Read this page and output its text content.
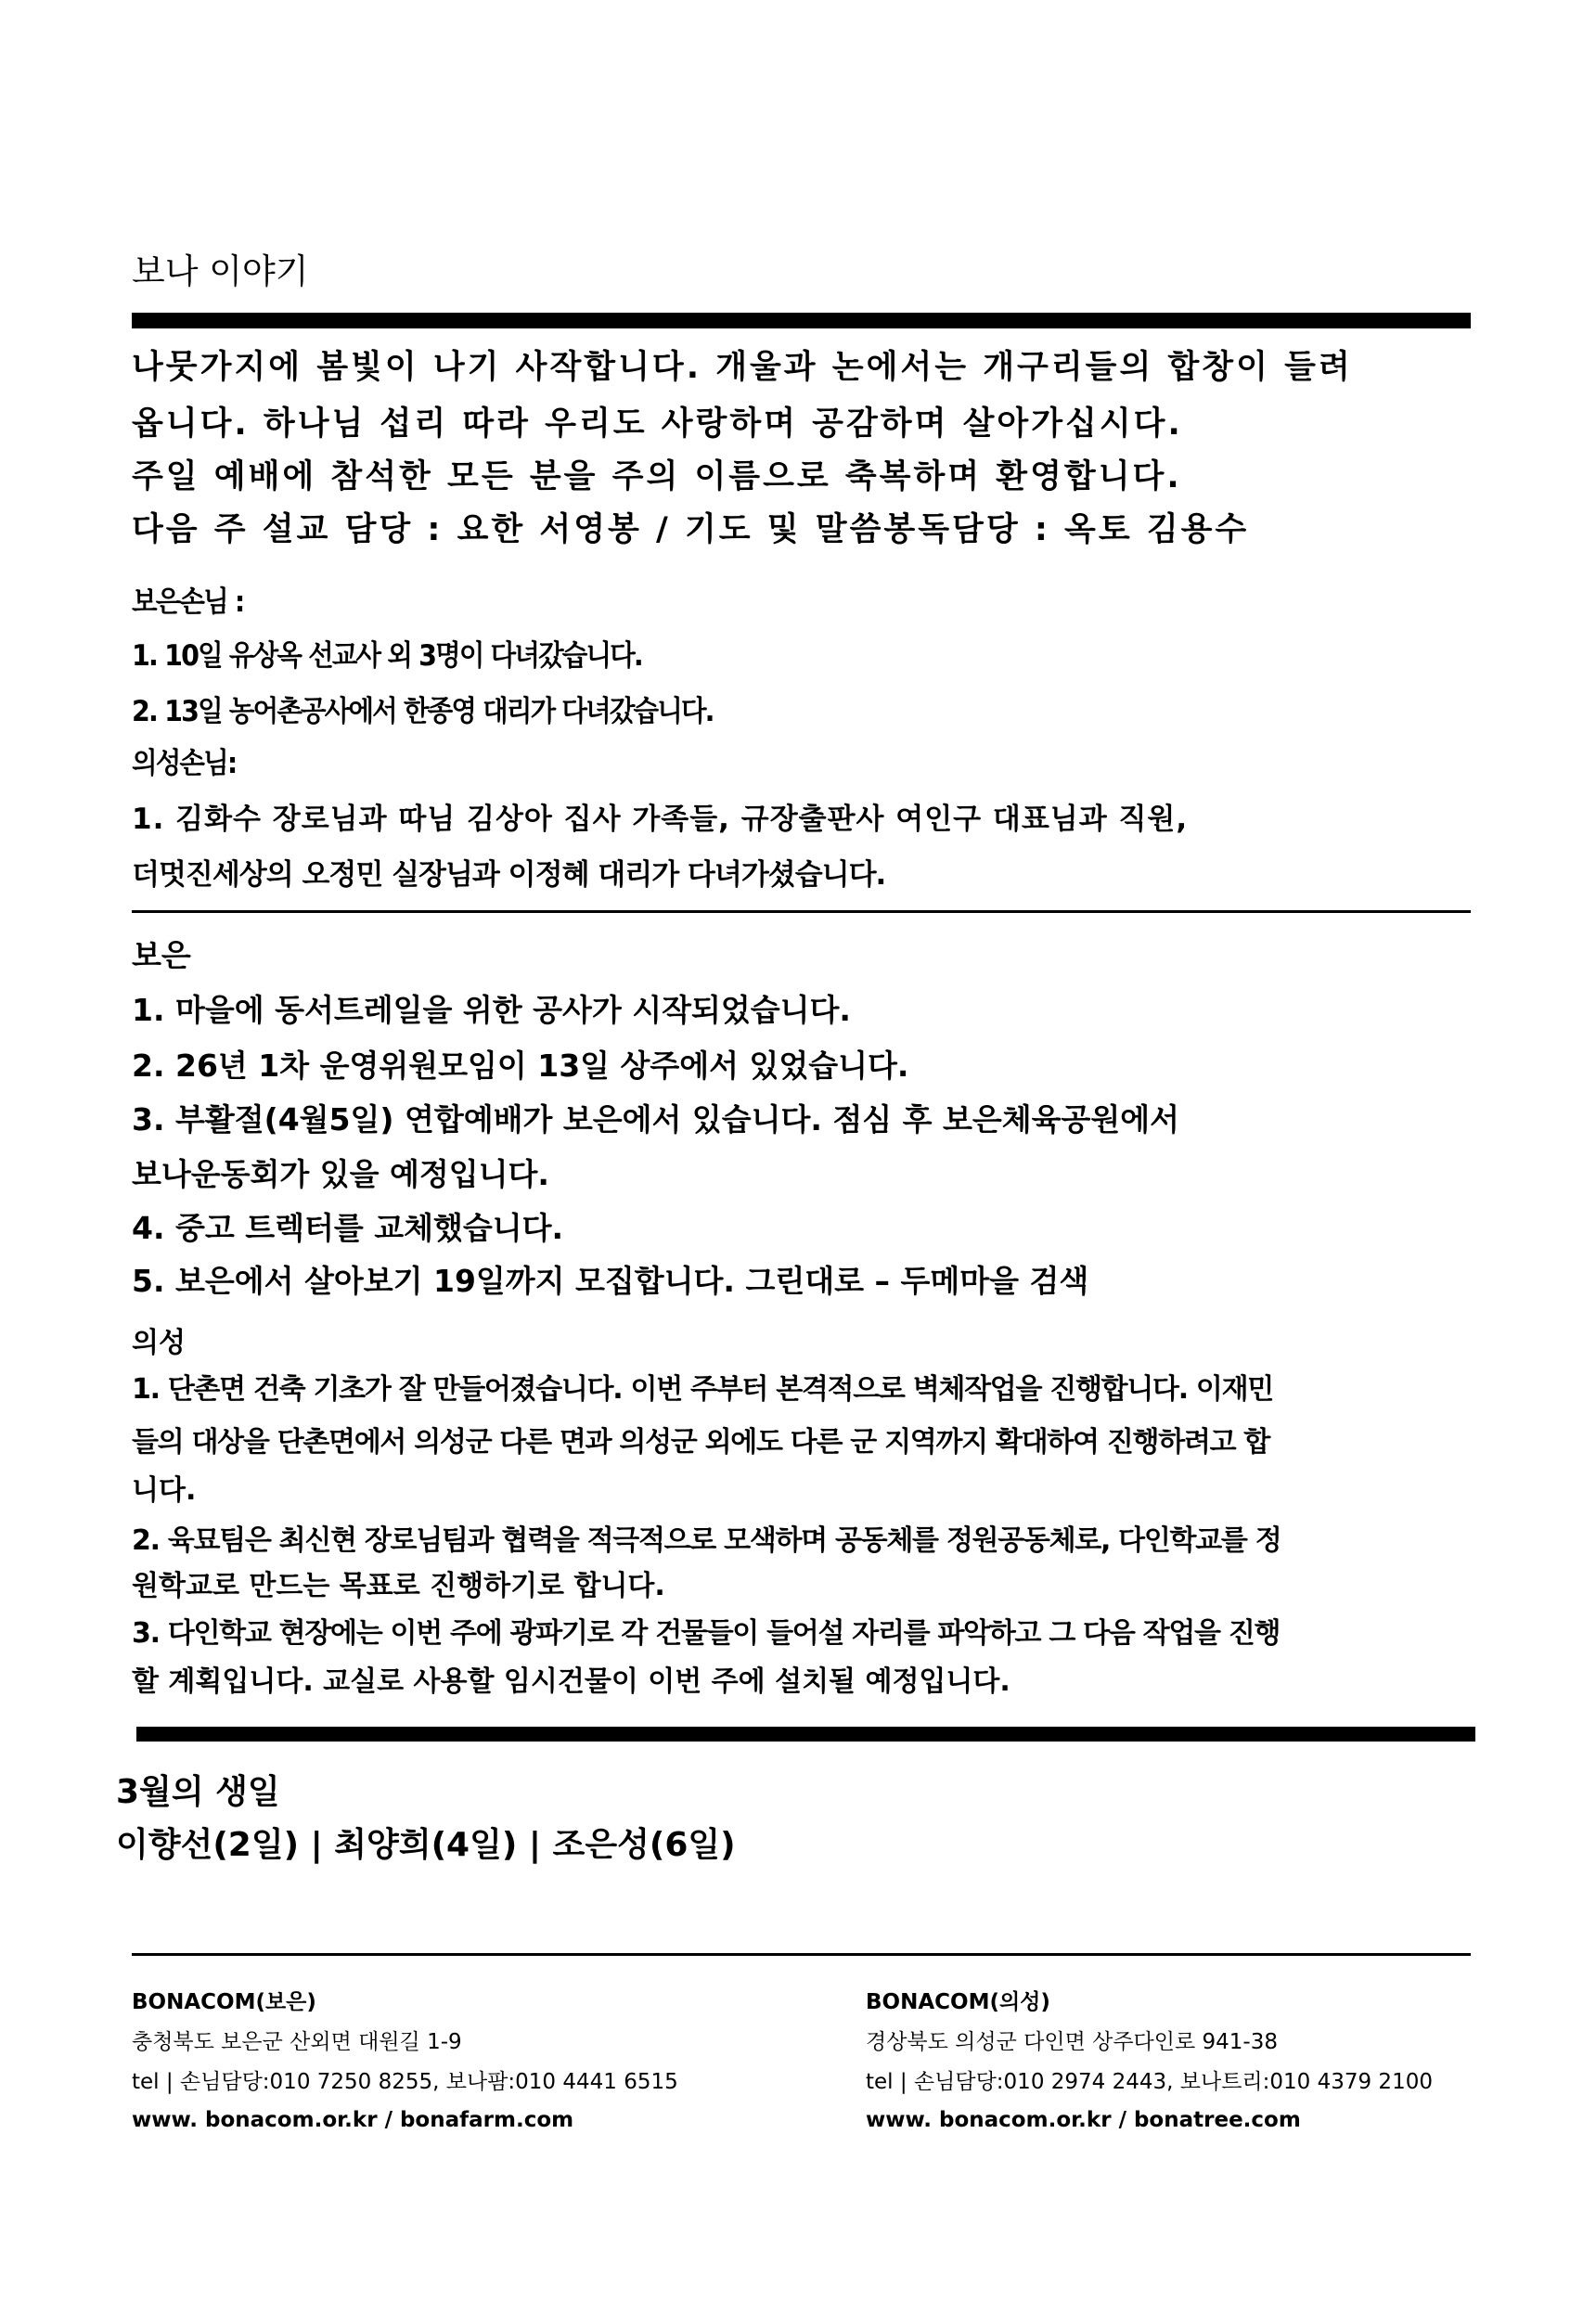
보나 이야기
나뭇가지에 봄빛이 나기 사작합니다. 개울과 논에서는 개구리들의 합창이 들려
옵니다. 하나님 섭리 따라 우리도 사랑하며 공감하며 살아가십시다.
주일 예배에 참석한 모든 분을 주의 이름으로 축복하며 환영합니다.
다음 주 설교 담당 : 요한 서영봉 / 기도 및 말씀봉독담당 : 옥토 김용수
보은손님 :
1. 10일 유상옥 선교사 외 3명이 다녀갔습니다.
2. 13일 농어촌공사에서 한종영 대리가 다녀갔습니다.
의성손님:
1. 김화수 장로님과 따님 김상아 집사 가족들, 규장출판사 여인구 대표님과 직원,
더멋진세상의 오정민 실장님과 이정혜 대리가 다녀가셨습니다.
보은
1. 마을에 동서트레일을 위한 공사가 시작되었습니다.
2. 26년 1차 운영위원모임이 13일 상주에서 있었습니다.
3. 부활절(4월5일) 연합예배가 보은에서 있습니다. 점심 후 보은체육공원에서
보나운동회가 있을 예정입니다.
4. 중고 트렉터를 교체했습니다.
5. 보은에서 살아보기 19일까지 모집합니다. 그린대로 – 두메마을 검색
의성
1. 단촌면 건축 기초가 잘 만들어졌습니다. 이번 주부터 본격적으로 벽체작업을 진행합니다. 이재민
들의 대상을 단촌면에서 의성군 다른 면과 의성군 외에도 다른 군 지역까지 확대하여 진행하려고 합
니다.
2. 육묘팀은 최신현 장로님팀과 협력을 적극적으로 모색하며 공동체를 정원공동체로, 다인학교를 정
원학교로 만드는 목표로 진행하기로 합니다.
3. 다인학교 현장에는 이번 주에 광파기로 각 건물들이 들어설 자리를 파악하고 그 다음 작업을 진행
할 계획입니다. 교실로 사용할 임시건물이 이번 주에 설치될 예정입니다.
3월의 생일
이향선(2일) | 최양희(4일) | 조은성(6일)
BONACOM(보은)
충청북도 보은군 산외면 대원길 1-9
tel | 손님담당:010 7250 8255, 보나팜:010 4441 6515
www. bonacom.or.kr / bonafarm.com
BONACOM(의성)
경상북도 의성군 다인면 상주다인로 941-38
tel | 손님담당:010 2974 2443, 보나트리:010 4379 2100
www. bonacom.or.kr / bonatree.com
